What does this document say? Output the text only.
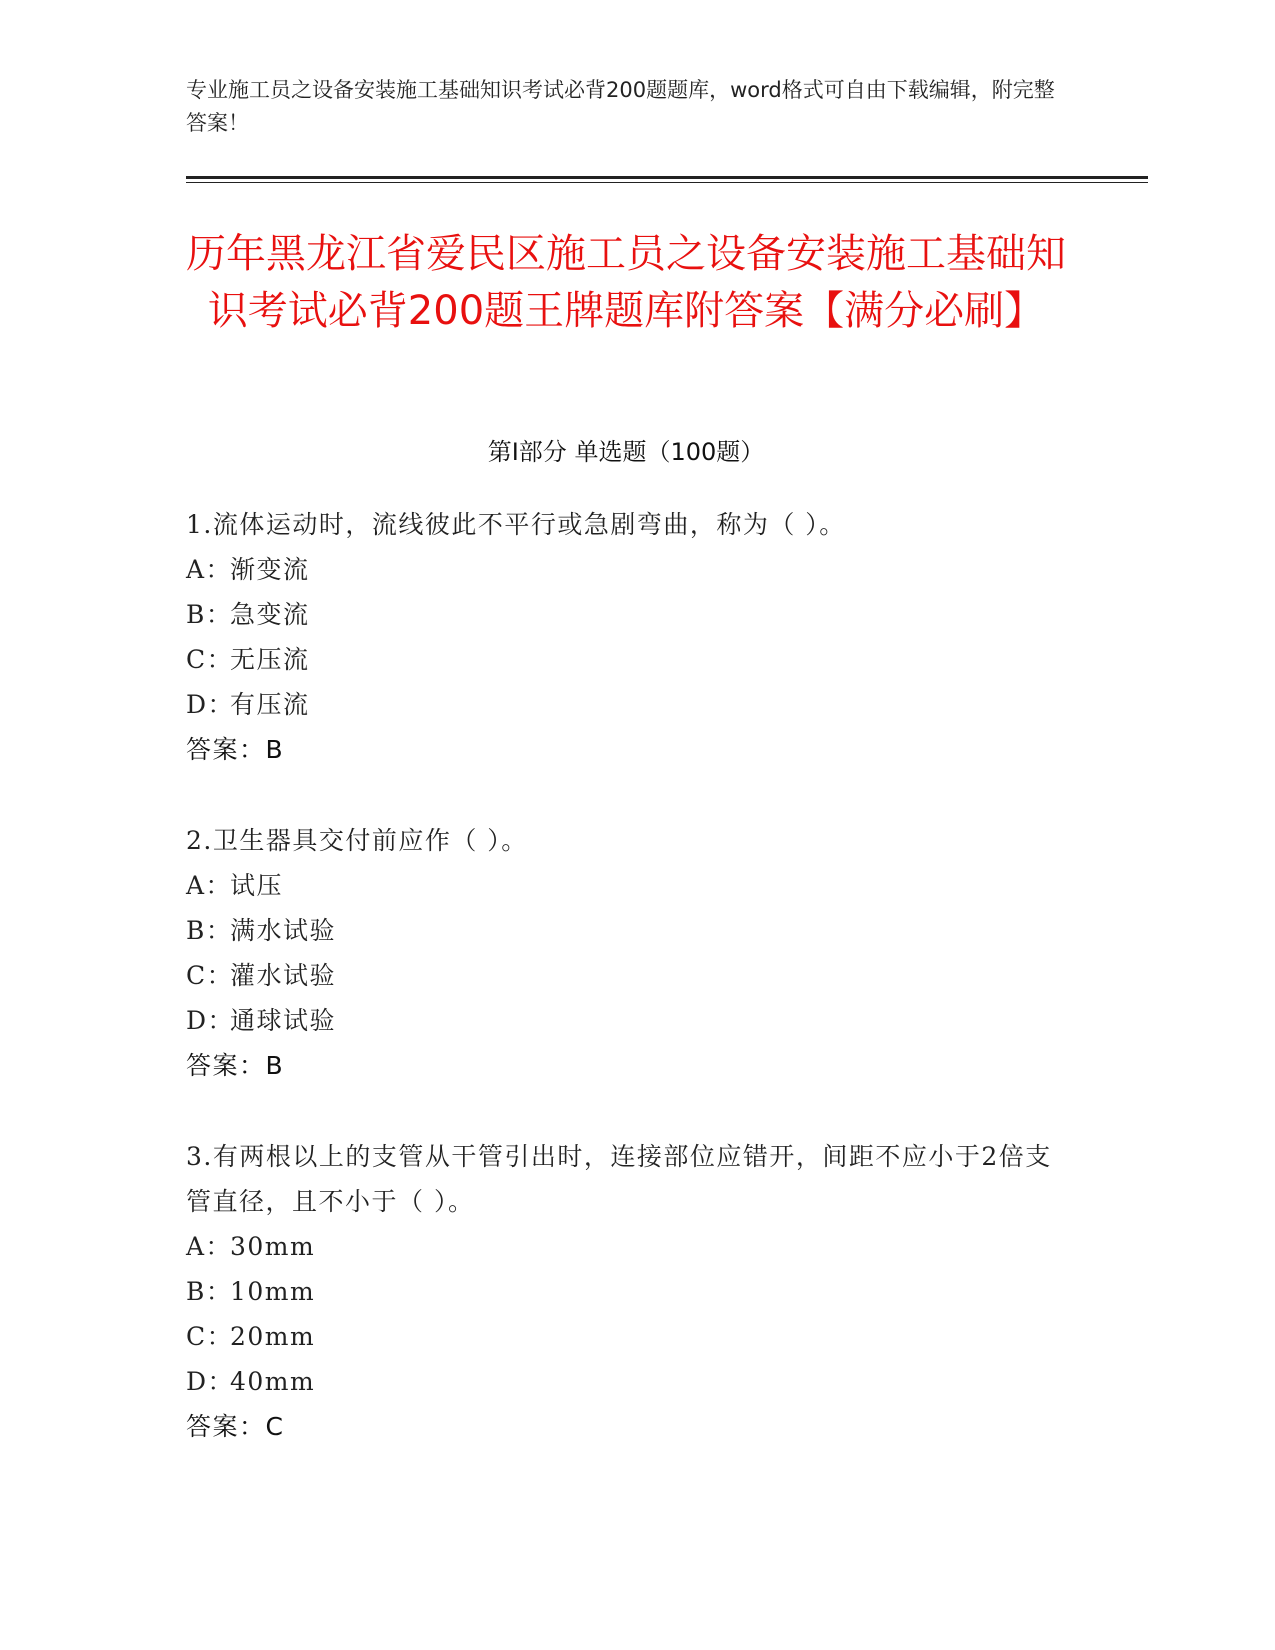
专业施工员之设备安装施工基础知识考试必背200题题库，word格式可自由下载编辑，附完整答案！
历年黑龙江省爱民区施工员之设备安装施工基础知识考试必背200题王牌题库附答案【满分必刷】
第Ⅰ部分 单选题（100题）
1.流体运动时，流线彼此不平行或急剧弯曲，称为（ ）。
A：渐变流
B：急变流
C：无压流
D：有压流
答案：B
2.卫生器具交付前应作（ ）。
A：试压
B：满水试验
C：灌水试验
D：通球试验
答案：B
3.有两根以上的支管从干管引出时，连接部位应错开，间距不应小于2倍支管直径，且不小于（ ）。
A：30mm
B：10mm
C：20mm
D：40mm
答案：C
